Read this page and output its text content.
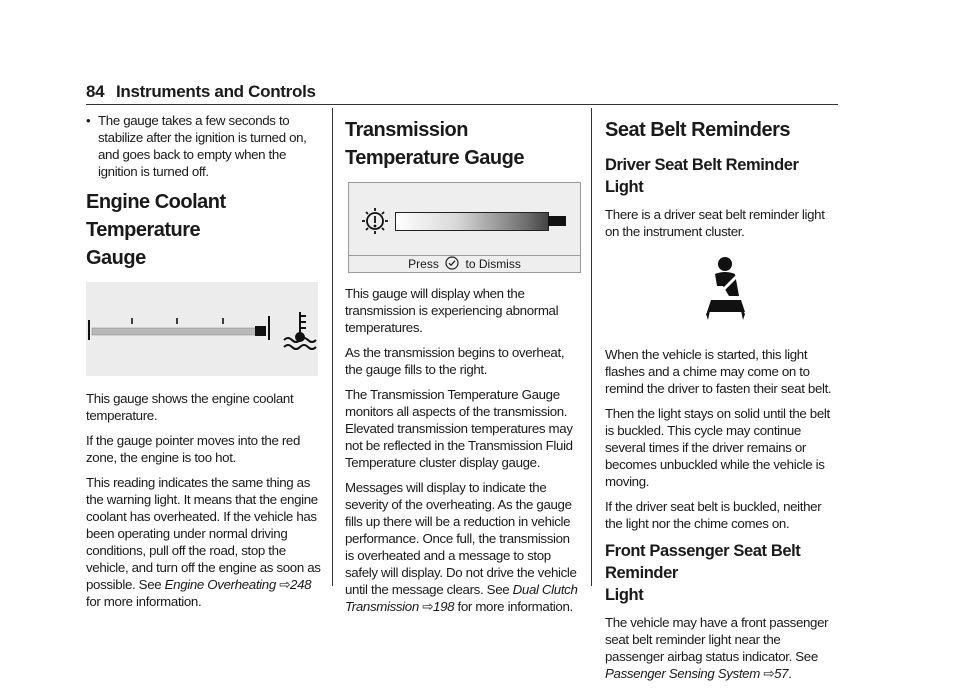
84 Instruments and Controls
• The gauge takes a few seconds to stabilize after the ignition is turned on, and goes back to empty when the ignition is turned off.
Engine Coolant Temperature
Gauge

This gauge shows the engine coolant temperature.

If the gauge pointer moves into the red zone, the engine is too hot.

This reading indicates the same thing as the warning light. It means that the engine coolant has overheated. If the vehicle has been operating under normal driving conditions, pull off the road, stop the vehicle, and turn off the engine as soon as possible. See Engine Overheating ⇨248 for more information.

Transmission Temperature Gauge
Press to Dismiss

This gauge will display when the transmission is experiencing abnormal temperatures.

As the transmission begins to overheat, the gauge fills to the right.

The Transmission Temperature Gauge monitors all aspects of the transmission. Elevated transmission temperatures may not be reflected in the Transmission Fluid Temperature cluster display gauge.

Messages will display to indicate the severity of the overheating. As the gauge fills up there will be a reduction in vehicle performance. Once full, the transmission is overheated and a message to stop safely will display. Do not drive the vehicle until the message clears. See Dual Clutch Transmission ⇨198 for more information.

Seat Belt Reminders
Driver Seat Belt Reminder Light

There is a driver seat belt reminder light on the instrument cluster.

When the vehicle is started, this light flashes and a chime may come on to remind the driver to fasten their seat belt.

Then the light stays on solid until the belt is buckled. This cycle may continue several times if the driver remains or becomes unbuckled while the vehicle is moving.

If the driver seat belt is buckled, neither the light nor the chime comes on.

Front Passenger Seat Belt Reminder
Light

The vehicle may have a front passenger seat belt reminder light near the passenger airbag status indicator. See Passenger Sensing System ⇨57.
